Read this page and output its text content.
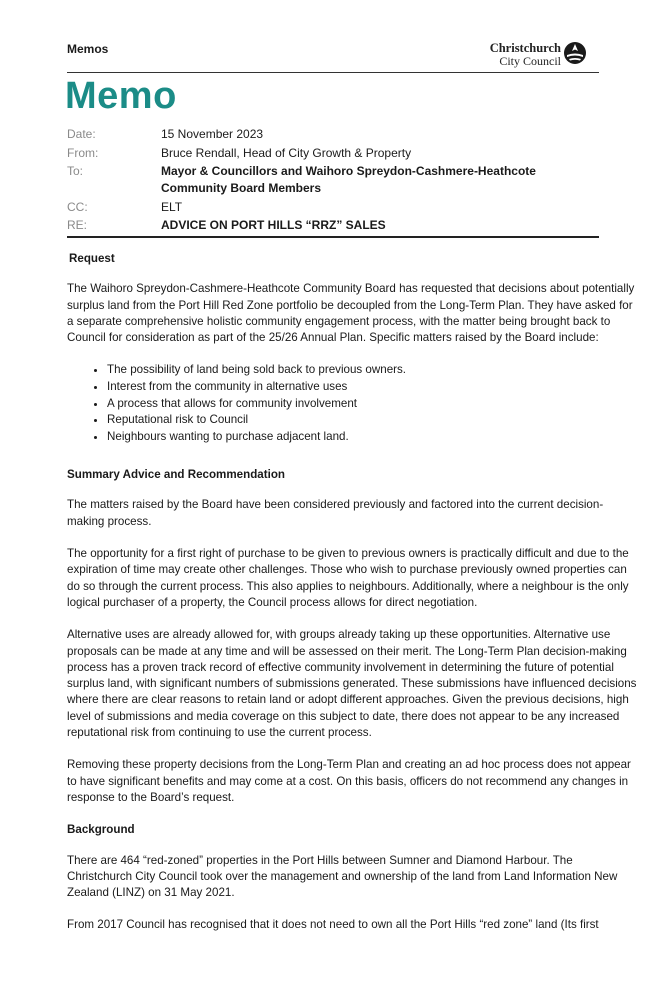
Memos	Christchurch
City Council
Memo
Date:	15 November 2023
From:	Bruce Rendall, Head of City Growth & Property
To:	Mayor & Councillors and Waihoro Spreydon-Cashmere-Heathcote Community Board Members
CC:	ELT
RE:	ADVICE ON PORT HILLS “RRZ” SALES
Request

The Waihoro Spreydon-Cashmere-Heathcote Community Board has requested that decisions about potentially surplus land from the Port Hill Red Zone portfolio be decoupled from the Long-Term Plan. They have asked for a separate comprehensive holistic community engagement process, with the matter being brought back to Council for consideration as part of the 25/26 Annual Plan. Specific matters raised by the Board include:

• The possibility of land being sold back to previous owners.
• Interest from the community in alternative uses
• A process that allows for community involvement
• Reputational risk to Council
• Neighbours wanting to purchase adjacent land.
Summary Advice and Recommendation

The matters raised by the Board have been considered previously and factored into the current decision-making process.

The opportunity for a first right of purchase to be given to previous owners is practically difficult and due to the expiration of time may create other challenges. Those who wish to purchase previously owned properties can do so through the current process. This also applies to neighbours. Additionally, where a neighbour is the only logical purchaser of a property, the Council process allows for direct negotiation.

Alternative uses are already allowed for, with groups already taking up these opportunities. Alternative use proposals can be made at any time and will be assessed on their merit. The Long-Term Plan decision-making process has a proven track record of effective community involvement in determining the future of potential surplus land, with significant numbers of submissions generated. These submissions have influenced decisions where there are clear reasons to retain land or adopt different approaches. Given the previous decisions, high level of submissions and media coverage on this subject to date, there does not appear to be any increased reputational risk from continuing to use the current process.

Removing these property decisions from the Long-Term Plan and creating an ad hoc process does not appear to have significant benefits and may come at a cost. On this basis, officers do not recommend any changes in response to the Board’s request.

Background

There are 464 “red-zoned” properties in the Port Hills between Sumner and Diamond Harbour. The Christchurch City Council took over the management and ownership of the land from Land Information New Zealand (LINZ) on 31 May 2021.

From 2017 Council has recognised that it does not need to own all the Port Hills “red zone” land (Its first
